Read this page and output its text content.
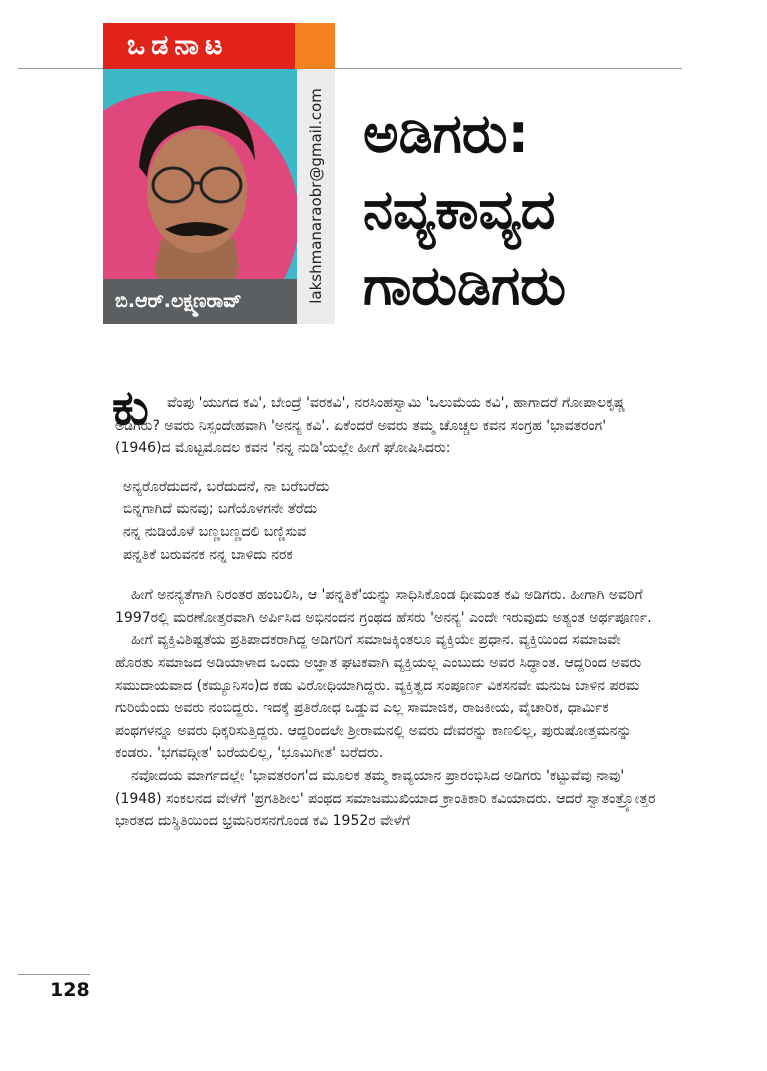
ಒಡನಾಟ
lakshmanaraobr@gmail.com
ಬಿ.ಆರ್.ಲಕ್ಷ್ಮಣರಾವ್
ಅಡಿಗರು:
ನವ್ಯಕಾವ್ಯದ
ಗಾರುಡಿಗರು
ಕು	ವೆಂಪು 'ಯುಗದ ಕವಿ', ಬೇಂದ್ರೆ 'ವರಕವಿ', ನರಸಿಂಹಸ್ವಾಮಿ 'ಒಲುಮೆಯ ಕವಿ', ಹಾಗಾದರೆ ಗೋಪಾಲಕೃಷ್ಣ ಅಡಿಗರು? ಅವರು ನಿಸ್ಸಂದೇಹವಾಗಿ 'ಅನನ್ಯ ಕವಿ'. ಏಕೆಂದರೆ ಅವರು ತಮ್ಮ ಚೊಚ್ಚಲ ಕವನ ಸಂಗ್ರಹ 'ಭಾವತರಂಗ' (1946)ದ ಮೊಟ್ಟಮೊದಲ ಕವನ 'ನನ್ನ ನುಡಿ'ಯಲ್ಲೇ ಹೀಗೆ ಘೋಷಿಸಿದರು:

ಅನ್ಯರೊರೆದುದನೆ, ಬರೆದುದನೆ, ನಾ ಬರೆಬರೆದು
ಬಿನ್ನಗಾಗಿದೆ ಮನವು; ಬಗೆಯೊಳಗನೇ ತೆರೆದು
ನನ್ನ ನುಡಿಯೊಳೆ ಬಣ್ಣಬಣ್ಣದಲಿ ಬಣ್ಣಿಸುವ
ಪನ್ನತಿಕೆ ಬರುವನಕ ನನ್ನ ಬಾಳಿದು ನರಕ

ಹೀಗೆ ಅನನ್ಯತೆಗಾಗಿ ನಿರಂತರ ಹಂಬಲಿಸಿ, ಆ 'ಪನ್ನತಿಕೆ'ಯನ್ನು ಸಾಧಿಸಿಕೊಂಡ ಧೀಮಂತ ಕವಿ ಅಡಿಗರು. ಹೀಗಾಗಿ ಅವರಿಗೆ 1997ರಲ್ಲಿ ಮರಣೋತ್ತರವಾಗಿ ಅರ್ಪಿಸಿದ ಅಭಿನಂದನ ಗ್ರಂಥದ ಹೆಸರು 'ಅನನ್ಯ' ಎಂದೇ ಇರುವುದು ಅತ್ಯಂತ ಅರ್ಥಪೂರ್ಣ.

ಹೀಗೆ ವ್ಯಕ್ತಿವಿಶಿಷ್ಟತೆಯ ಪ್ರತಿಪಾದಕರಾಗಿದ್ದ ಅಡಿಗರಿಗೆ ಸಮಾಜಕ್ಕಿಂತಲೂ ವ್ಯಕ್ತಿಯೇ ಪ್ರಧಾನ. ವ್ಯಕ್ತಿಯಿಂದ ಸಮಾಜವೇ ಹೊರತು ಸಮಾಜದ ಅಡಿಯಾಳಾದ ಒಂದು ಅಜ್ಞಾತ ಘಟಕವಾಗಿ ವ್ಯಕ್ತಿಯಲ್ಲ ಎಂಬುದು ಅವರ ಸಿದ್ಧಾಂತ. ಆದ್ದರಿಂದ ಅವರು ಸಮುದಾಯವಾದ (ಕಮ್ಯೂನಿಸಂ)ದ ಕಡು ವಿರೋಧಿಯಾಗಿದ್ದರು. ವ್ಯಕ್ತಿತ್ವದ ಸಂಪೂರ್ಣ ವಿಕಸನವೇ ಮನುಜ ಬಾಳಿನ ಪರಮ ಗುರಿಯೆಂದು ಅವರು ನಂಬಿದ್ದರು. ಇದಕ್ಕೆ ಪ್ರತಿರೋಧ ಒಡ್ಡುವ ಎಲ್ಲ ಸಾಮಾಜಿಕ, ರಾಜಕೀಯ, ವೈಚಾರಿಕ, ಧಾರ್ಮಿಕ ಪಂಥಗಳನ್ನೂ ಅವರು ಧಿಕ್ಕರಿಸುತ್ತಿದ್ದರು. ಆದ್ದರಿಂದಲೇ ಶ್ರೀರಾಮನಲ್ಲಿ ಅವರು ದೇವರನ್ನು ಕಾಣಲಿಲ್ಲ, ಪುರುಷೋತ್ತಮನನ್ನು ಕಂಡರು. 'ಭಗವದ್ಗೀತ' ಬರೆಯಲಿಲ್ಲ, 'ಭೂಮಿಗೀತ' ಬರೆದರು.

ನವೋದಯ ಮಾರ್ಗದಲ್ಲೇ 'ಭಾವತರಂಗ'ದ ಮೂಲಕ ತಮ್ಮ ಕಾವ್ಯಯಾನ ಪ್ರಾರಂಭಿಸಿದ ಅಡಿಗರು 'ಕಟ್ಟುವೆವು ನಾವು' (1948) ಸಂಕಲನದ ವೇಳೆಗೆ 'ಪ್ರಗತಿಶೀಲ' ಪಂಥದ ಸಮಾಜಮುಖಿಯಾದ ಕ್ರಾಂತಿಕಾರಿ ಕವಿಯಾದರು. ಆದರೆ ಸ್ವಾತಂತ್ರ್ಯೋತ್ತರ ಭಾರತದ ದುಸ್ಥಿತಿಯಿಂದ ಭ್ರಮನಿರಸನಗೊಂಡ ಕವಿ 1952ರ ವೇಳೆಗೆ

128
